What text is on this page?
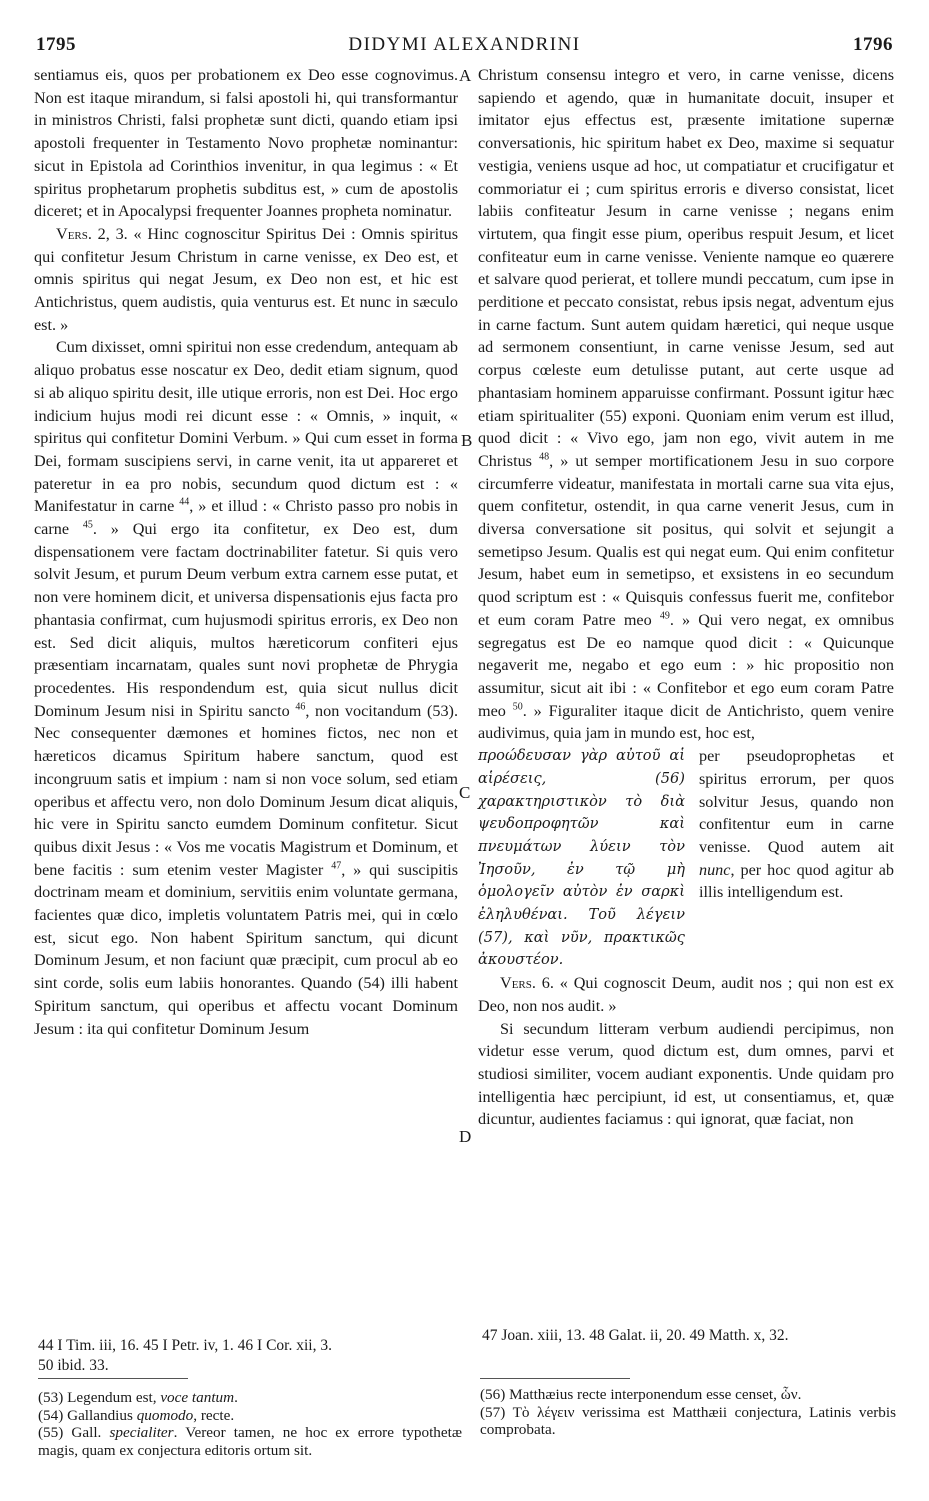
1795	DIDYMI ALEXANDRINI	1796
A
B
C
D

sentiamus eis, quos per probationem ex Deo esse cognovimus. Non est itaque mirandum, si falsi apostoli hi, qui transformantur in ministros Christi, falsi prophetæ sunt dicti, quando etiam ipsi apostoli frequenter in Testamento Novo prophetæ nominantur: sicut in Epistola ad Corinthios invenitur, in qua legimus : « Et spiritus prophetarum prophetis subditus est, » cum de apostolis diceret; et in Apocalypsi frequenter Joannes propheta nominatur.

Vers. 2, 3. « Hinc cognoscitur Spiritus Dei : Omnis spiritus qui confitetur Jesum Christum in carne venisse, ex Deo est, et omnis spiritus qui negat Jesum, ex Deo non est, et hic est Antichristus, quem audistis, quia venturus est. Et nunc in sæculo est. »

Cum dixisset, omni spiritui non esse credendum, antequam ab aliquo probatus esse noscatur ex Deo, dedit etiam signum, quod si ab aliquo spiritu desit, ille utique erroris, non est Dei. Hoc ergo indicium hujus modi rei dicunt esse : « Omnis, » inquit, « spiritus qui confitetur Domini Verbum. » Qui cum esset in forma Dei, formam suscipiens servi, in carne venit, ita ut appareret et pateretur in ea pro nobis, secundum quod dictum est : « Manifestatur in carne $^{44}$, » et illud : « Christo passo pro nobis in carne $^{45}$. » Qui ergo ita confitetur, ex Deo est, dum dispensationem vere factam doctrinabiliter fatetur. Si quis vero solvit Jesum, et purum Deum verbum extra carnem esse putat, et non vere hominem dicit, et universa dispensationis ejus facta pro phantasia confirmat, cum hujusmodi spiritus erroris, ex Deo non est. Sed dicit aliquis, multos hæreticorum confiteri ejus præsentiam incarnatam, quales sunt novi prophetæ de Phrygia procedentes. His respondendum est, quia sicut nullus dicit Dominum Jesum nisi in Spiritu sancto $^{46}$, non vocitandum (53). Nec consequenter dæmones et homines fictos, nec non et hæreticos dicamus Spiritum habere sanctum, quod est incongruum satis et impium : nam si non voce solum, sed etiam operibus et affectu vero, non dolo Dominum Jesum dicat aliquis, hic vere in Spiritu sancto eumdem Dominum confitetur. Sicut quibus dixit Jesus : « Vos me vocatis Magistrum et Dominum, et bene facitis : sum etenim vester Magister $^{47}$, » qui suscipitis doctrinam meam et dominium, servitiis enim voluntate germana, facientes quæ dico, impletis voluntatem Patris mei, qui in cœlo est, sicut ego. Non habent Spiritum sanctum, qui dicunt Dominum Jesum, et non faciunt quæ præcipit, cum procul ab eo sint corde, solis eum labiis honorantes. Quando (54) illi habent Spiritum sanctum, qui operibus et affectu vocant Dominum Jesum : ita qui confitetur Dominum Jesum

Christum consensu integro et vero, in carne venisse, dicens sapiendo et agendo, quæ in humanitate docuit, insuper et imitator ejus effectus est, præsente imitatione supernæ conversationis, hic spiritum habet ex Deo, maxime si sequatur vestigia, veniens usque ad hoc, ut compatiatur et crucifigatur et commoriatur ei ; cum spiritus erroris e diverso consistat, licet labiis confiteatur Jesum in carne venisse ; negans enim virtutem, qua fingit esse pium, operibus respuit Jesum, et licet confiteatur eum in carne venisse. Veniente namque eo quærere et salvare quod perierat, et tollere mundi peccatum, cum ipse in perditione et peccato consistat, rebus ipsis negat, adventum ejus in carne factum. Sunt autem quidam hæretici, qui neque usque ad sermonem consentiunt, in carne venisse Jesum, sed aut corpus cœleste eum detulisse putant, aut certe usque ad phantasiam hominem apparuisse confirmant. Possunt igitur hæc etiam spiritualiter (55) exponi. Quoniam enim verum est illud, quod dicit : « Vivo ego, jam non ego, vivit autem in me Christus $^{48}$, » ut semper mortificationem Jesu in suo corpore circumferre videatur, manifestata in mortali carne sua vita ejus, quem confitetur, ostendit, in qua carne venerit Jesus, cum in diversa conversatione sit positus, qui solvit et sejungit a semetipso Jesum. Qualis est qui negat eum. Qui enim confitetur Jesum, habet eum in semetipso, et exsistens in eo secundum quod scriptum est : « Quisquis confessus fuerit me, confitebor et eum coram Patre meo $^{49}$. » Qui vero negat, ex omnibus segregatus est De eo namque quod dicit : « Quicunque negaverit me, negabo et ego eum : » hic propositio non assumitur, sicut ait ibi : « Confitebor et ego eum coram Patre meo $^{50}$. » Figuraliter itaque dicit de Antichristo, quem venire audivimus, quia jam in mundo est, hoc est,

προώδευσαν γὰρ αὐτοῦ αἱ αἱρέσεις, (56) χαρακτηριστικὸν τὸ διὰ ψευδοπροφητῶν καὶ πνευμάτων λύειν τὸν Ἰησοῦν, ἐν τῷ μὴ ὁμολογεῖν αὐτὸν ἐν σαρκὶ ἐληλυθέναι. Τοῦ λέγειν (57), καὶ νῦν, πρακτικῶς ἀκουστέον.
per pseudoprophetas et spiritus errorum, per quos solvitur Jesus, quando non confitentur eum in carne venisse. Quod autem ait nunc, per hoc quod agitur ab illis intelligendum est.

Vers. 6. « Qui cognoscit Deum, audit nos ; qui non est ex Deo, non nos audit. »

Si secundum litteram verbum audiendi percipimus, non videtur esse verum, quod dictum est, dum omnes, parvi et studiosi similiter, vocem audiant exponentis. Unde quidam pro intelligentia hæc percipiunt, id est, ut consentiamus, et, quæ dicuntur, audientes faciamus : qui ignorat, quæ faciat, non

44 I Tim. iii, 16. 45 I Petr. iv, 1. 46 I Cor. xii, 3.
50 ibid. 33.
47 Joan. xiii, 13. 48 Galat. ii, 20. 49 Matth. x, 32.

(53) Legendum est, voce tantum.

(54) Gallandius quomodo, recte.

(55) Gall. specialiter. Vereor tamen, ne hoc ex errore typothetæ magis, quam ex conjectura editoris ortum sit.

(56) Matthæius recte interponendum esse censet, ὧν.

(57) Τὸ λέγειν verissima est Matthæii conjectura, Latinis verbis comprobata.
